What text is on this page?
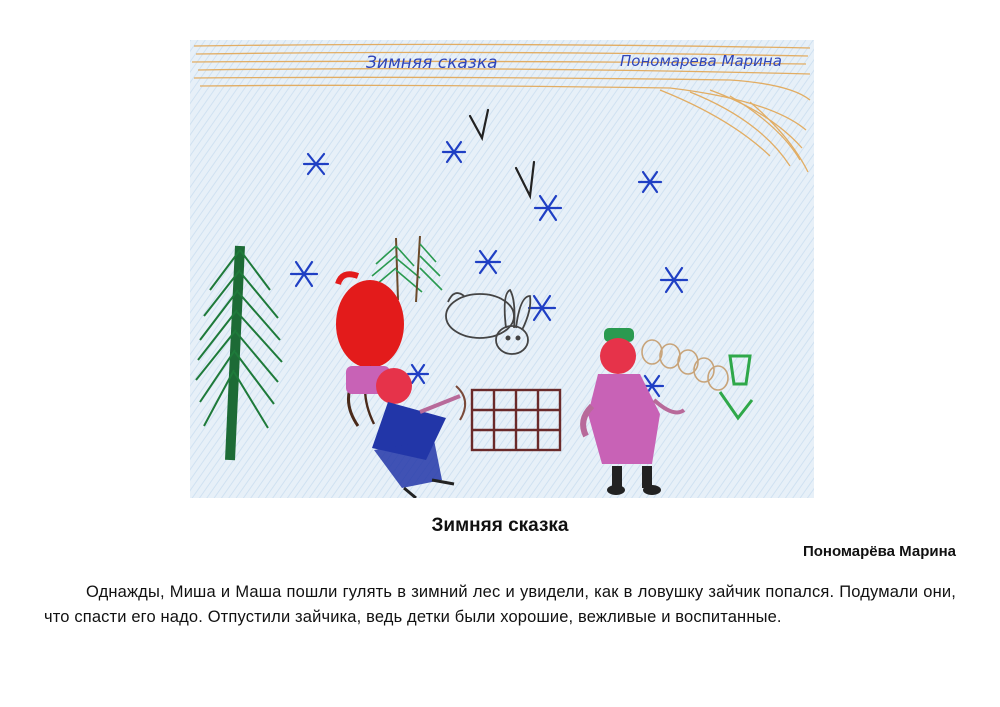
Зимняя сказка	Пономарева Марина
Зимняя сказка
Пономарёва Марина

Однажды, Миша и Маша пошли гулять в зимний лес и увидели, как в ловушку зайчик попался. Подумали они, что спасти его надо. Отпустили зайчика, ведь детки были хорошие, вежливые и воспитанные.
